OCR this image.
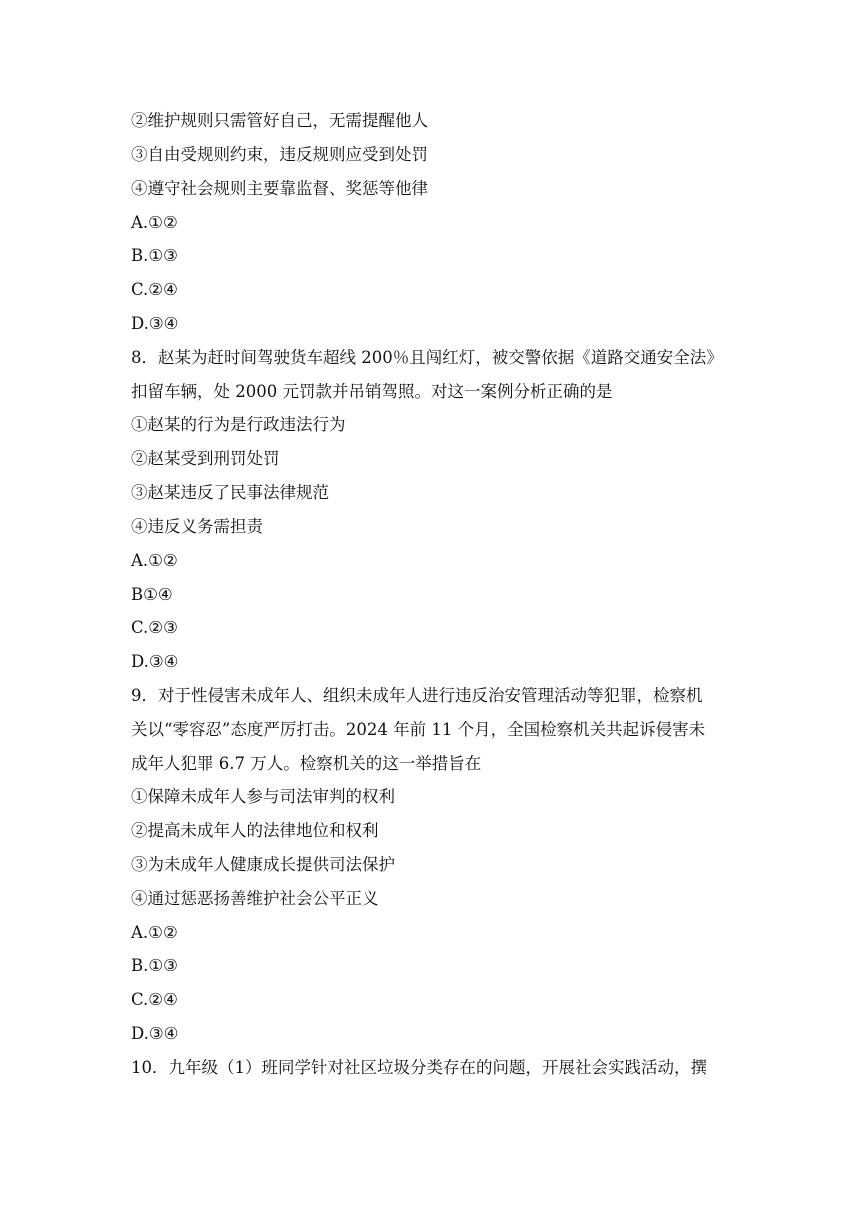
②维护规则只需管好自己，无需提醒他人
③自由受规则约束，违反规则应受到处罚
④遵守社会规则主要靠监督、奖惩等他律
A.①②
B.①③
C.②④
D.③④
8．赵某为赶时间驾驶货车超线 200％且闯红灯，被交警依据《道路交通安全法》
扣留车辆，处 2000 元罚款并吊销驾照。对这一案例分析正确的是
①赵某的行为是行政违法行为
②赵某受到刑罚处罚
③赵某违反了民事法律规范
④违反义务需担责
A.①②
B①④
C.②③
D.③④
9．对于性侵害未成年人、组织未成年人进行违反治安管理活动等犯罪，检察机
关以“零容忍”态度严厉打击。2024 年前 11 个月，全国检察机关共起诉侵害未
成年人犯罪 6.7 万人。检察机关的这一举措旨在
①保障未成年人参与司法审判的权利
②提高未成年人的法律地位和权利
③为未成年人健康成长提供司法保护
④通过惩恶扬善维护社会公平正义
A.①②
B.①③
C.②④
D.③④
10．九年级（1）班同学针对社区垃圾分类存在的问题，开展社会实践活动，撰
